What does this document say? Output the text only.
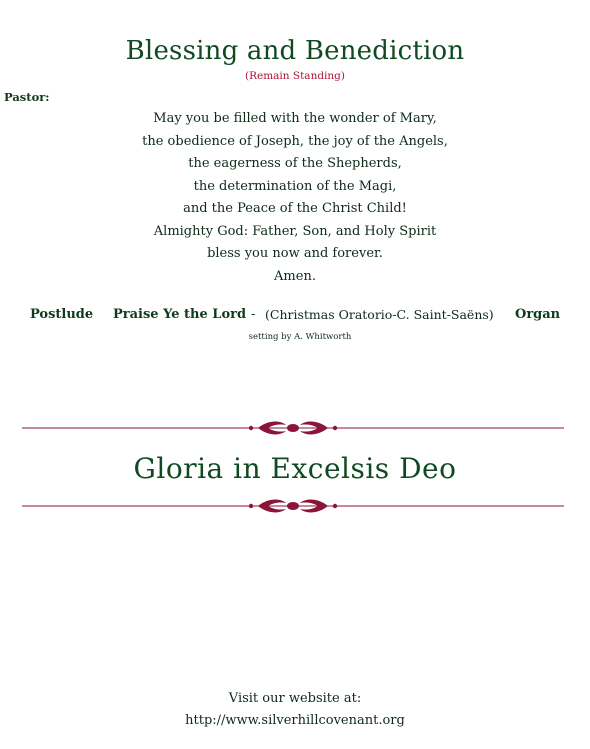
Blessing and Benediction
(Remain Standing)
Pastor:
May you be filled with the wonder of Mary,
the obedience of Joseph, the joy of the Angels,
the eagerness of the Shepherds,
the determination of the Magi,
and the Peace of the Christ Child!
Almighty God: Father, Son, and Holy Spirit
bless you now and forever.
Amen.
Postlude Praise Ye the Lord - (Christmas Oratorio-C. Saint-Saëns) Organ
setting by A. Whitworth
Gloria in Excelsis Deo
Visit our website at:
http://www.silverhillcovenant.org
